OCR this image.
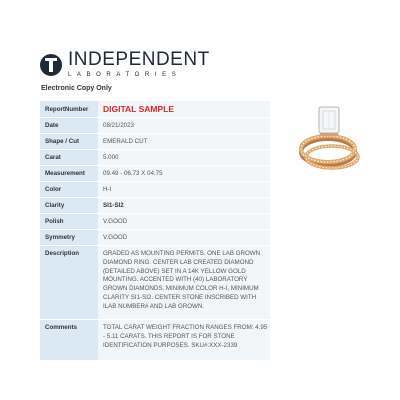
INDEPENDENT
LABORATORIES
Electronic Copy Only
ReportNumber	DIGITAL SAMPLE
Date	08/21/2023
Shape / Cut	EMERALD CUT
Carat	5.000
Measurement	09.49 - 06.73 X 04.75
Color	H-I
Clarity	SI1-SI2
Polish	V.GOOD
Symmetry	V.GOOD
Description	GRADED AS MOUNTING PERMITS. ONE LAB GROWN DIAMOND RING. CENTER LAB CREATED DIAMOND (DETAILED ABOVE) SET IN A 14K YELLOW GOLD MOUNTING. ACCENTED WITH (40) LABORATORY GROWN DIAMONDS, MINIMUM COLOR H-I, MINIMUM CLARITY SI1-SI2. CENTER STONE INSCRIBED WITH ILAB NUMBER# AND LAB GROWN.
Comments	TOTAL CARAT WEIGHT FRACTION RANGES FROM: 4.95 - 5.11 CARATS. THIS REPORT IS FOR STONE IDENTIFICATION PURPOSES. SKU#:XXX-2339
